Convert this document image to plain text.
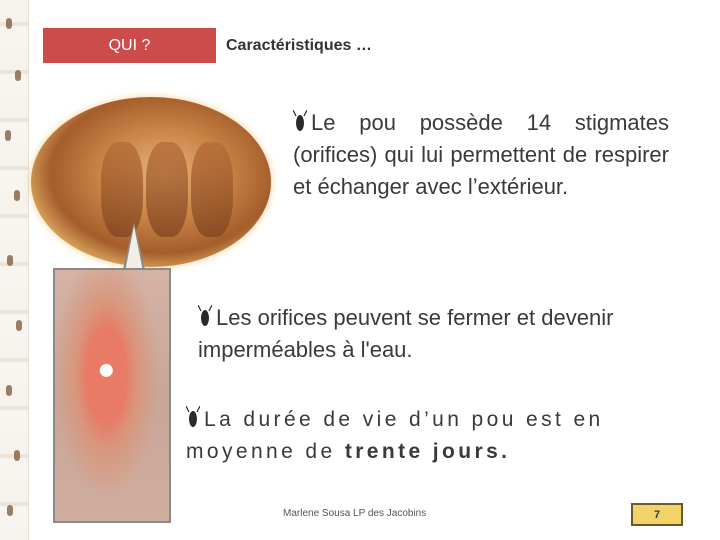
QUI ?	Caractéristiques …
Le pou possède 14 stigmates (orifices) qui lui permettent de respirer et échanger avec l’extérieur.
Les orifices peuvent se fermer et devenir imperméables à l'eau.
La durée de vie d’un pou est en moyenne de trente jours.
Marlene Sousa LP des Jacobins	7
